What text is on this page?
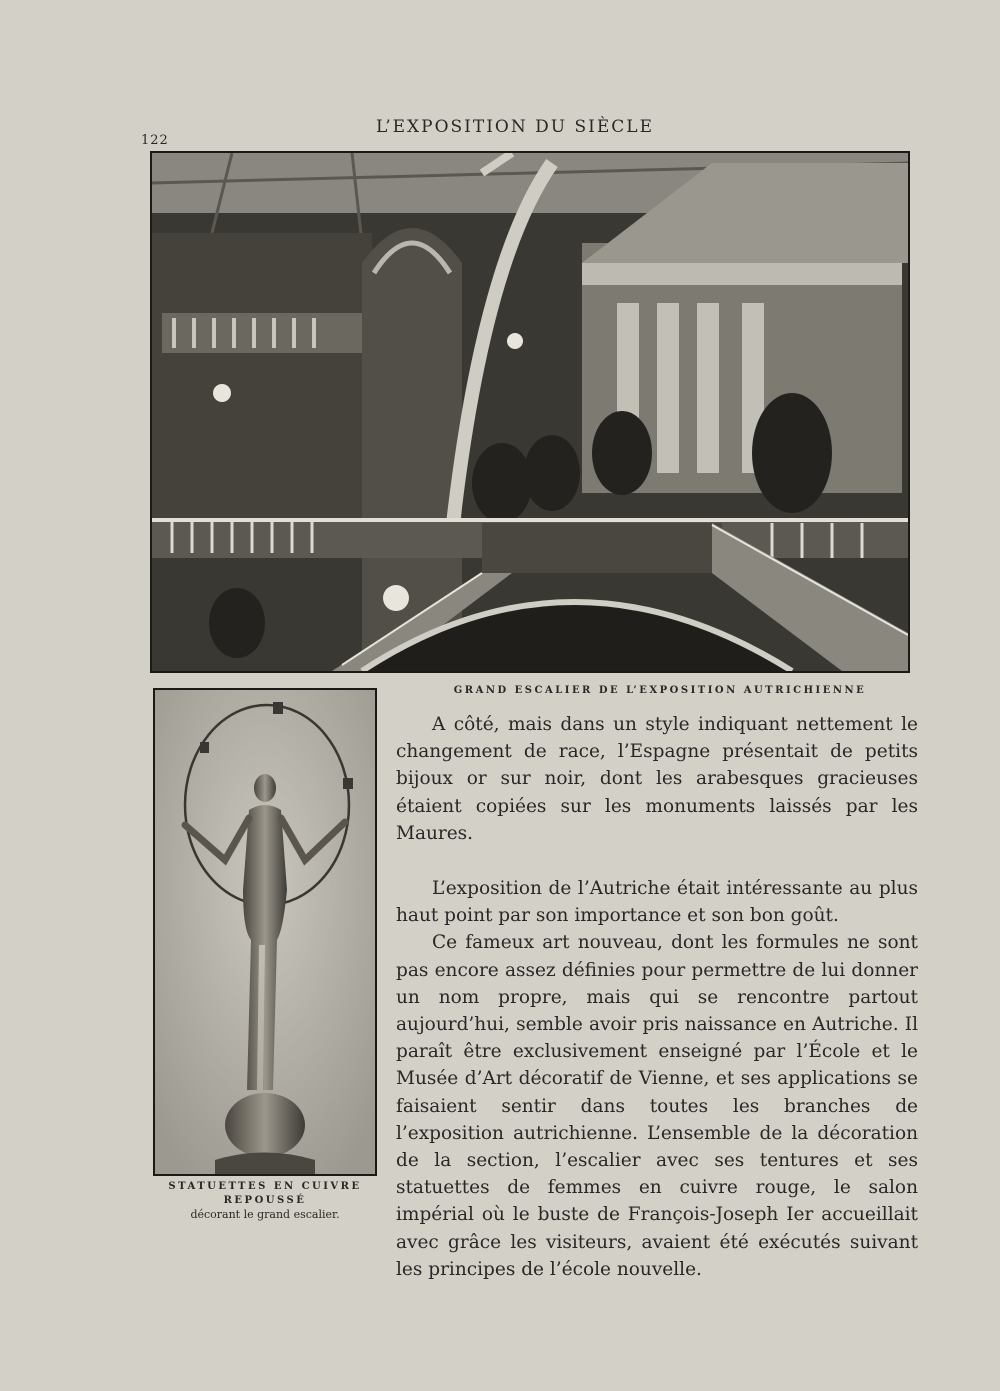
122
L’EXPOSITION DU SIÈCLE
GRAND ESCALIER DE L’EXPOSITION AUTRICHIENNE
STATUETTES EN CUIVRE
REPOUSSÉ
décorant le grand escalier.

A côté, mais dans un style indiquant nettement le changement de race, l’Espagne présentait de petits bijoux or sur noir, dont les arabesques gracieuses étaient copiées sur les monuments laissés par les Maures.

L’exposition de l’Autriche était intéressante au plus haut point par son importance et son bon goût.

Ce fameux art nouveau, dont les formules ne sont pas encore assez définies pour permettre de lui donner un nom propre, mais qui se rencontre partout aujourd’hui, semble avoir pris naissance en Autriche. Il paraît être exclusivement enseigné par l’École et le Musée d’Art décoratif de Vienne, et ses applications se faisaient sentir dans toutes les branches de l’exposition autrichienne. L’ensemble de la décoration de la section, l’escalier avec ses tentures et ses statuettes de femmes en cuivre rouge, le salon impérial où le buste de François-Joseph Ier accueillait avec grâce les visiteurs, avaient été exécutés suivant les principes de l’école nouvelle.
